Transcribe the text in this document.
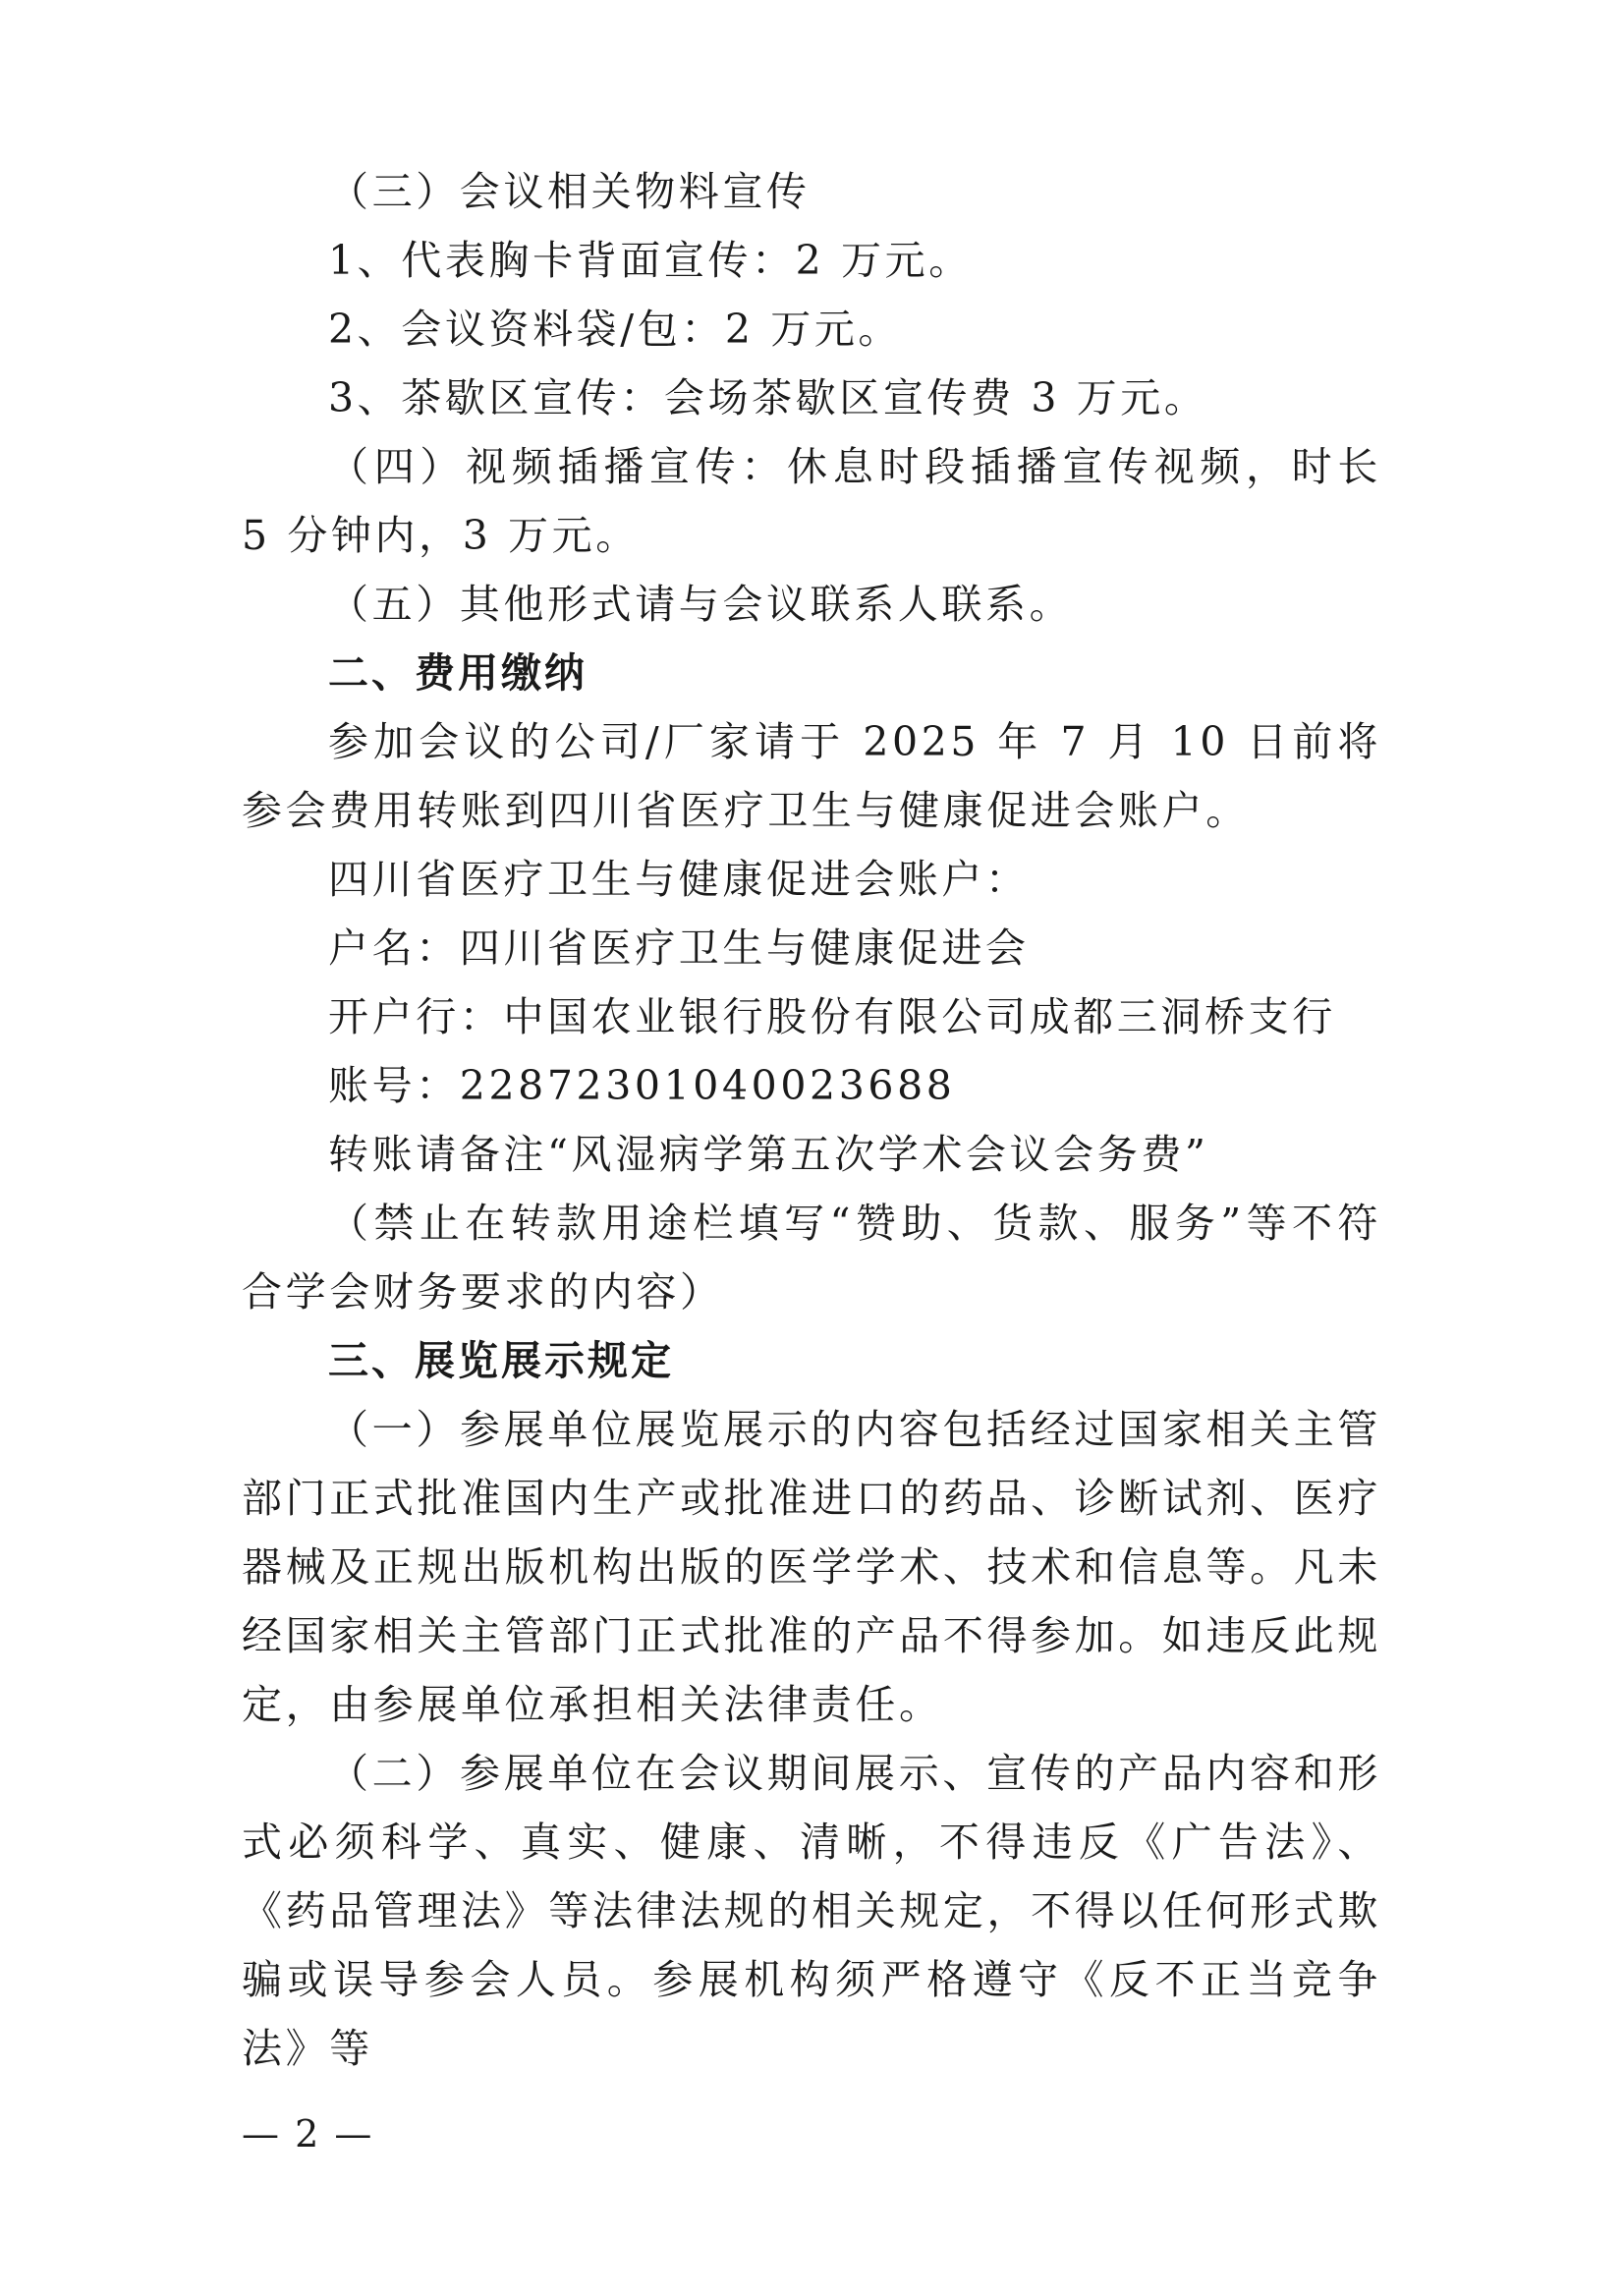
（三）会议相关物料宣传
1、代表胸卡背面宣传：2 万元。
2、会议资料袋/包：2 万元。
3、茶歇区宣传：会场茶歇区宣传费 3 万元。
（四）视频插播宣传：休息时段插播宣传视频，时长 5 分钟内，3 万元。
（五）其他形式请与会议联系人联系。
二、费用缴纳
参加会议的公司/厂家请于 2025 年 7 月 10 日前将参会费用转账到四川省医疗卫生与健康促进会账户。
四川省医疗卫生与健康促进会账户：
户名：四川省医疗卫生与健康促进会
开户行：中国农业银行股份有限公司成都三洞桥支行
账号：22872301040023688
转账请备注“风湿病学第五次学术会议会务费”
（禁止在转款用途栏填写“赞助、货款、服务”等不符合学会财务要求的内容）
三、展览展示规定
（一）参展单位展览展示的内容包括经过国家相关主管部门正式批准国内生产或批准进口的药品、诊断试剂、医疗器械及正规出版机构出版的医学学术、技术和信息等。凡未经国家相关主管部门正式批准的产品不得参加。如违反此规定，由参展单位承担相关法律责任。
（二）参展单位在会议期间展示、宣传的产品内容和形式必须科学、真实、健康、清晰，不得违反《广告法》、《药品管理法》等法律法规的相关规定，不得以任何形式欺骗或误导参会人员。参展机构须严格遵守《反不正当竞争法》等
— 2 —
